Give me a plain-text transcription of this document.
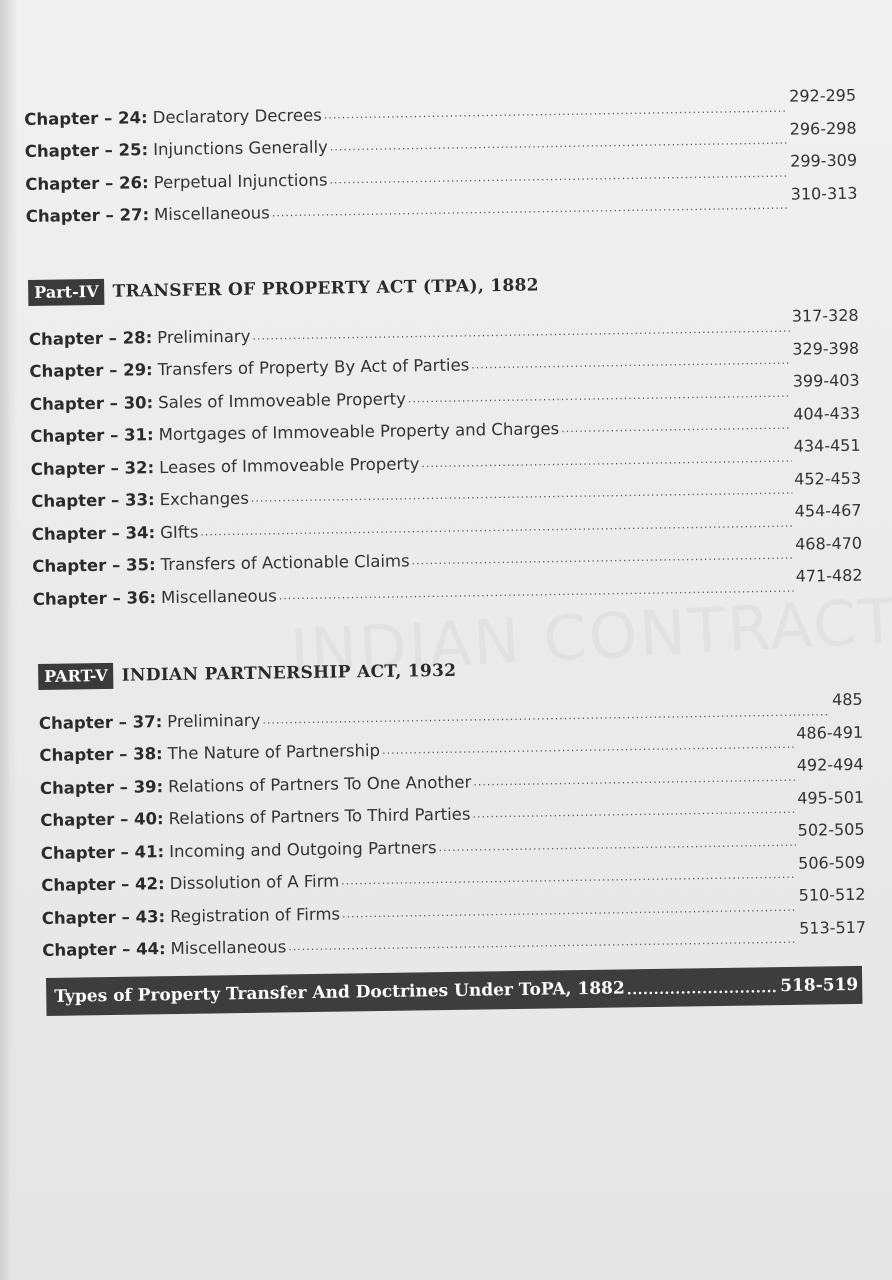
Chapter – 24: Declaratory Decrees
.....
292-295
Chapter – 25: Injunctions Generally
.....
296-298
Chapter – 26: Perpetual Injunctions
.....
299-309
Chapter – 27: Miscellaneous
.....
310-313
Part-IV TRANSFER OF PROPERTY ACT (TPA), 1882
Chapter – 28: Preliminary
.....
317-328
Chapter – 29: Transfers of Property By Act of Parties
.....
329-398
Chapter – 30: Sales of Immoveable Property
.....
399-403
Chapter – 31: Mortgages of Immoveable Property and Charges
.....
404-433
Chapter – 32: Leases of Immoveable Property
.....
434-451
Chapter – 33: Exchanges
.....
452-453
Chapter – 34: GIfts
.....
454-467
Chapter – 35: Transfers of Actionable Claims
.....
468-470
Chapter – 36: Miscellaneous
.....
471-482
PART-V INDIAN PARTNERSHIP ACT, 1932
Chapter – 37: Preliminary
.....
485
Chapter – 38: The Nature of Partnership
.....
486-491
Chapter – 39: Relations of Partners To One Another
.....
492-494
Chapter – 40: Relations of Partners To Third Parties
.....
495-501
Chapter – 41: Incoming and Outgoing Partners
.....
502-505
Chapter – 42: Dissolution of A Firm
.....
506-509
Chapter – 43: Registration of Firms
.....
510-512
Chapter – 44: Miscellaneous
.....
513-517
Types of Property Transfer And Doctrines Under ToPA, 1882
.....	518-519
